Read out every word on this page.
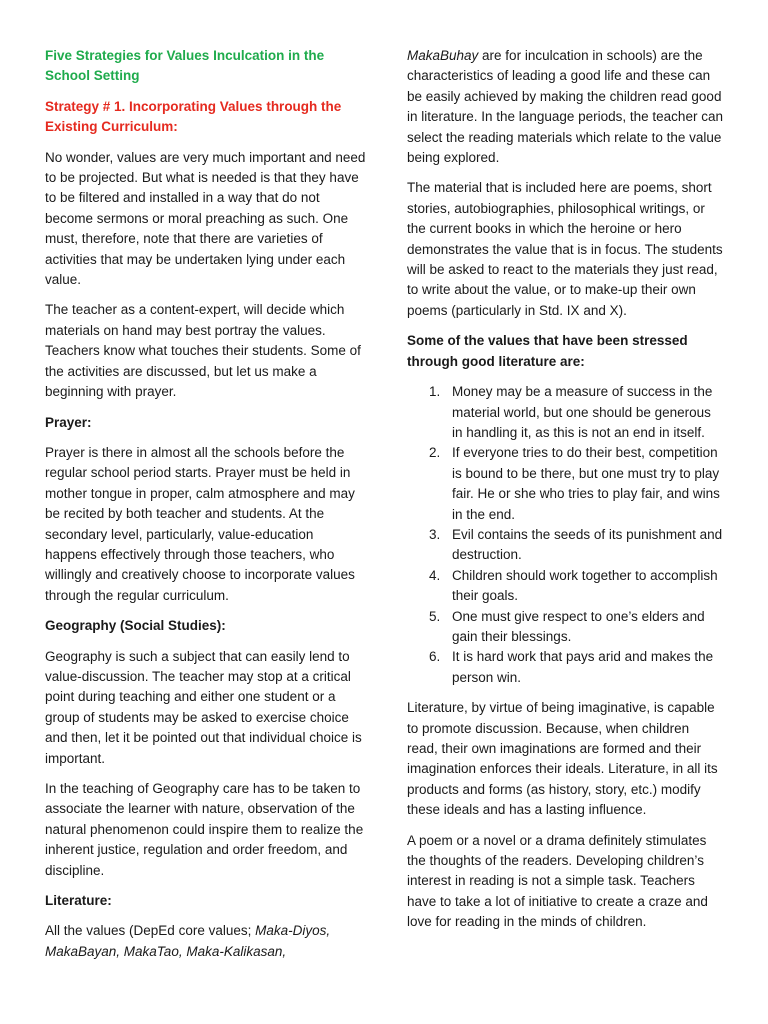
Five Strategies for Values Inculcation in the School Setting

Strategy # 1. Incorporating Values through the Existing Curriculum:

No wonder, values are very much important and need to be projected. But what is needed is that they have to be filtered and installed in a way that do not become sermons or moral preaching as such. One must, therefore, note that there are varieties of activities that may be undertaken lying under each value.

The teacher as a content-expert, will decide which materials on hand may best portray the values. Teachers know what touches their students. Some of the activities are discussed, but let us make a beginning with prayer.

Prayer:

Prayer is there in almost all the schools before the regular school period starts. Prayer must be held in mother tongue in proper, calm atmosphere and may be recited by both teacher and students. At the secondary level, particularly, value-education happens effectively through those teachers, who willingly and creatively choose to incorporate values through the regular curriculum.

Geography (Social Studies):

Geography is such a subject that can easily lend to value-discussion. The teacher may stop at a critical point during teaching and either one student or a group of students may be asked to exercise choice and then, let it be pointed out that individual choice is important.

In the teaching of Geography care has to be taken to associate the learner with nature, observation of the natural phenomenon could inspire them to realize the inherent justice, regulation and order freedom, and discipline.

Literature:

All the values (DepEd core values; Maka-Diyos, MakaBayan, MakaTao, Maka-Kalikasan,

MakaBuhay are for inculcation in schools) are the characteristics of leading a good life and these can be easily achieved by making the children read good in literature. In the language periods, the teacher can select the reading materials which relate to the value being explored.

The material that is included here are poems, short stories, autobiographies, philosophical writings, or the current books in which the heroine or hero demonstrates the value that is in focus. The students will be asked to react to the materials they just read, to write about the value, or to make-up their own poems (particularly in Std. IX and X).

Some of the values that have been stressed through good literature are:

1. Money may be a measure of success in the material world, but one should be generous in handling it, as this is not an end in itself.
2. If everyone tries to do their best, competition is bound to be there, but one must try to play fair. He or she who tries to play fair, and wins in the end.
3. Evil contains the seeds of its punishment and destruction.
4. Children should work together to accomplish their goals.
5. One must give respect to one’s elders and gain their blessings.
6. It is hard work that pays arid and makes the person win.

Literature, by virtue of being imaginative, is capable to promote discussion. Because, when children read, their own imaginations are formed and their imagination enforces their ideals. Literature, in all its products and forms (as history, story, etc.) modify these ideals and has a lasting influence.

A poem or a novel or a drama definitely stimulates the thoughts of the readers. Developing children’s interest in reading is not a simple task. Teachers have to take a lot of initiative to create a craze and love for reading in the minds of children.
